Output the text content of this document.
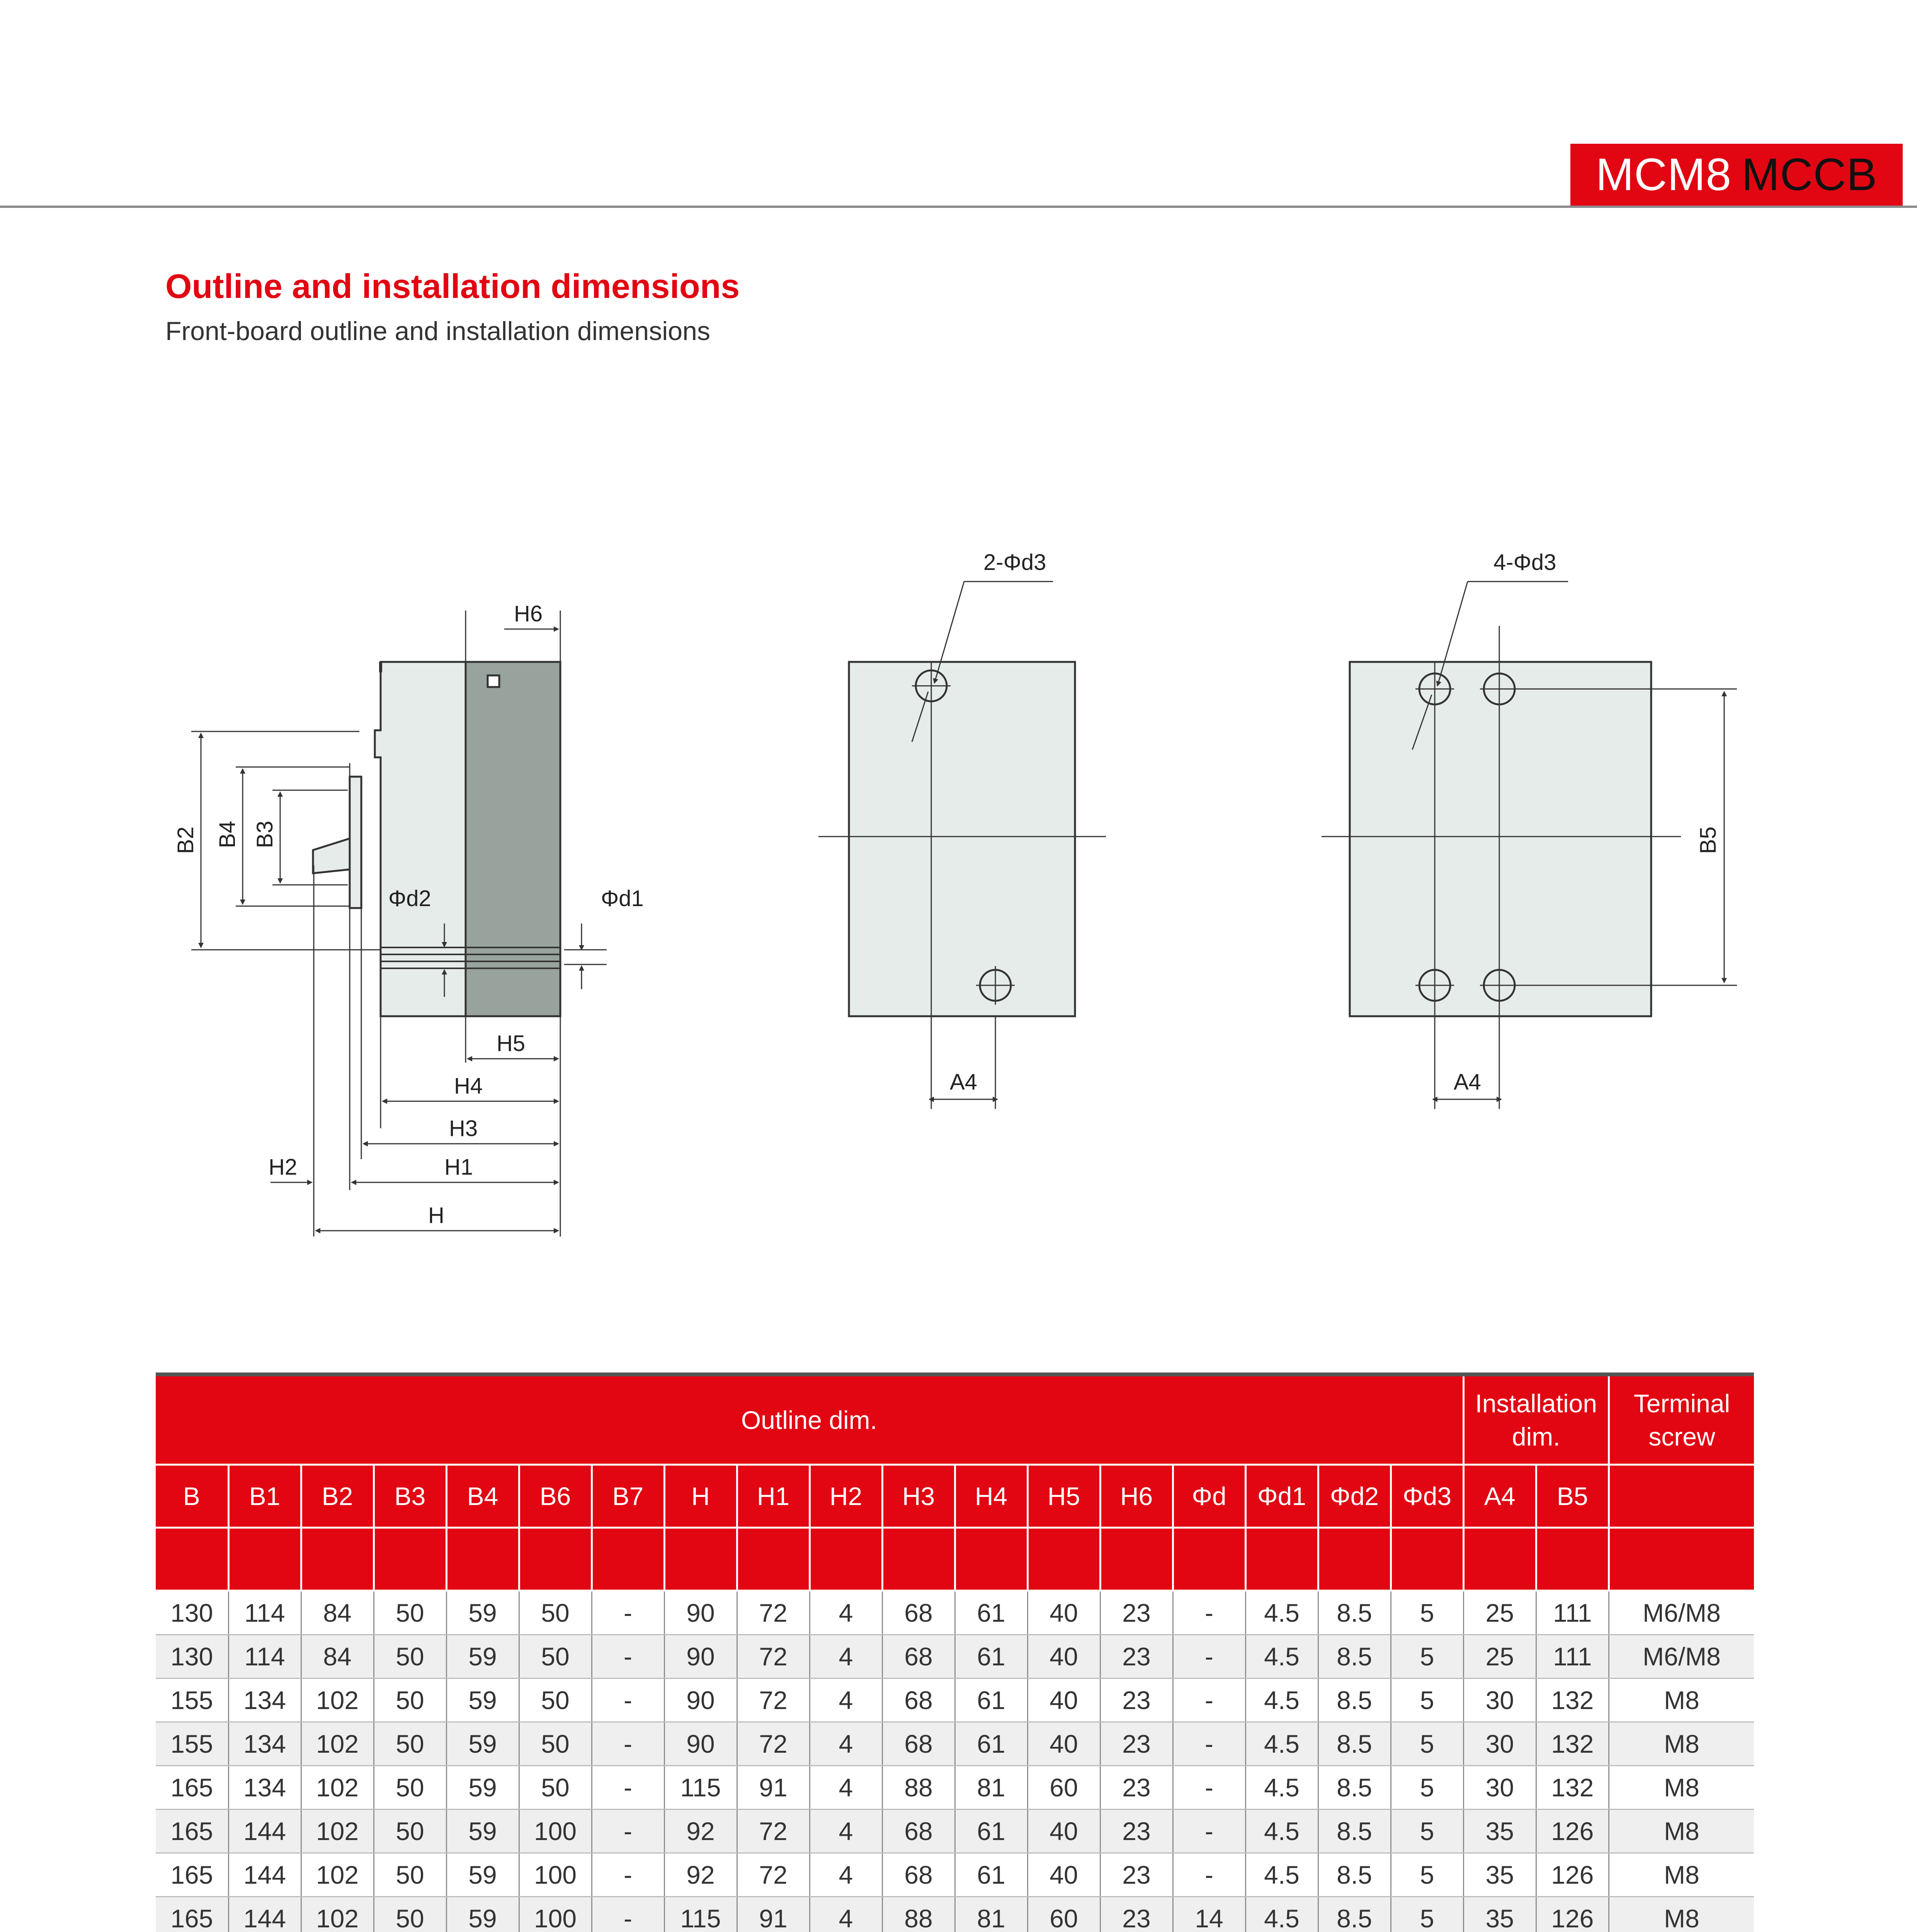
MCM8 MCCB
Outline and installation dimensions
Front-board outline and installation dimensions
H6
B2 B4 B3
Φd2	Φd1
H5
H4
H3
H1
H2
H
2-Φd3
A4
4-Φd3
A4
B5
Outline dim.																		Installation dim.		Terminal screw
B	B1	B2	B3	B4	B6	B7	H	H1	H2	H3	H4	H5	H6	Φd	Φd1	Φd2	Φd3	A4	B5	

130	114	84	50	59	50	-	90	72	4	68	61	40	23	-	4.5	8.5	5	25	111	M6/M8
130	114	84	50	59	50	-	90	72	4	68	61	40	23	-	4.5	8.5	5	25	111	M6/M8
155	134	102	50	59	50	-	90	72	4	68	61	40	23	-	4.5	8.5	5	30	132	M8
155	134	102	50	59	50	-	90	72	4	68	61	40	23	-	4.5	8.5	5	30	132	M8
165	134	102	50	59	50	-	115	91	4	88	81	60	23	-	4.5	8.5	5	30	132	M8
165	144	102	50	59	100	-	92	72	4	68	61	40	23	-	4.5	8.5	5	35	126	M8
165	144	102	50	59	100	-	92	72	4	68	61	40	23	-	4.5	8.5	5	35	126	M8
165	144	102	50	59	100	-	115	91	4	88	81	60	23	14	4.5	8.5	5	35	126	M8
